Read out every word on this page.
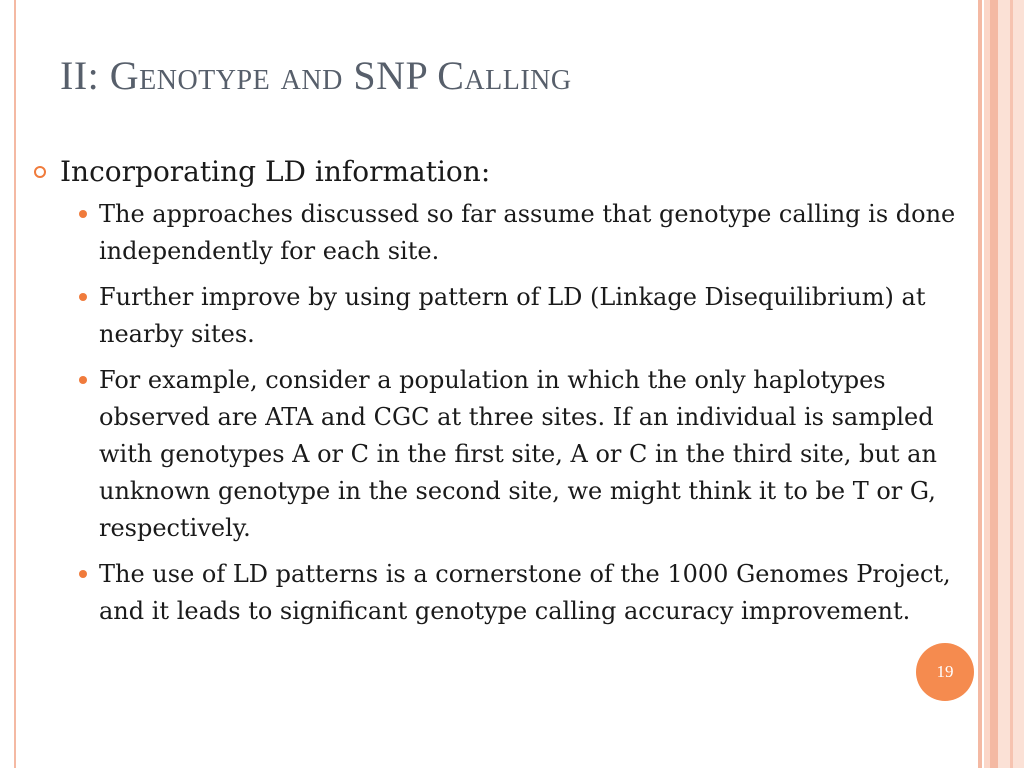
II: Genotype and SNP Calling

Incorporating LD information:

The approaches discussed so far assume that genotype calling is done independently for each site.
Further improve by using pattern of LD (Linkage Disequilibrium) at nearby sites.
For example, consider a population in which the only haplotypes observed are ATA and CGC at three sites. If an individual is sampled with genotypes A or C in the first site, A or C in the third site, but an unknown genotype in the second site, we might think it to be T or G, respectively.
The use of LD patterns is a cornerstone of the 1000 Genomes Project, and it leads to significant genotype calling accuracy improvement.
19
